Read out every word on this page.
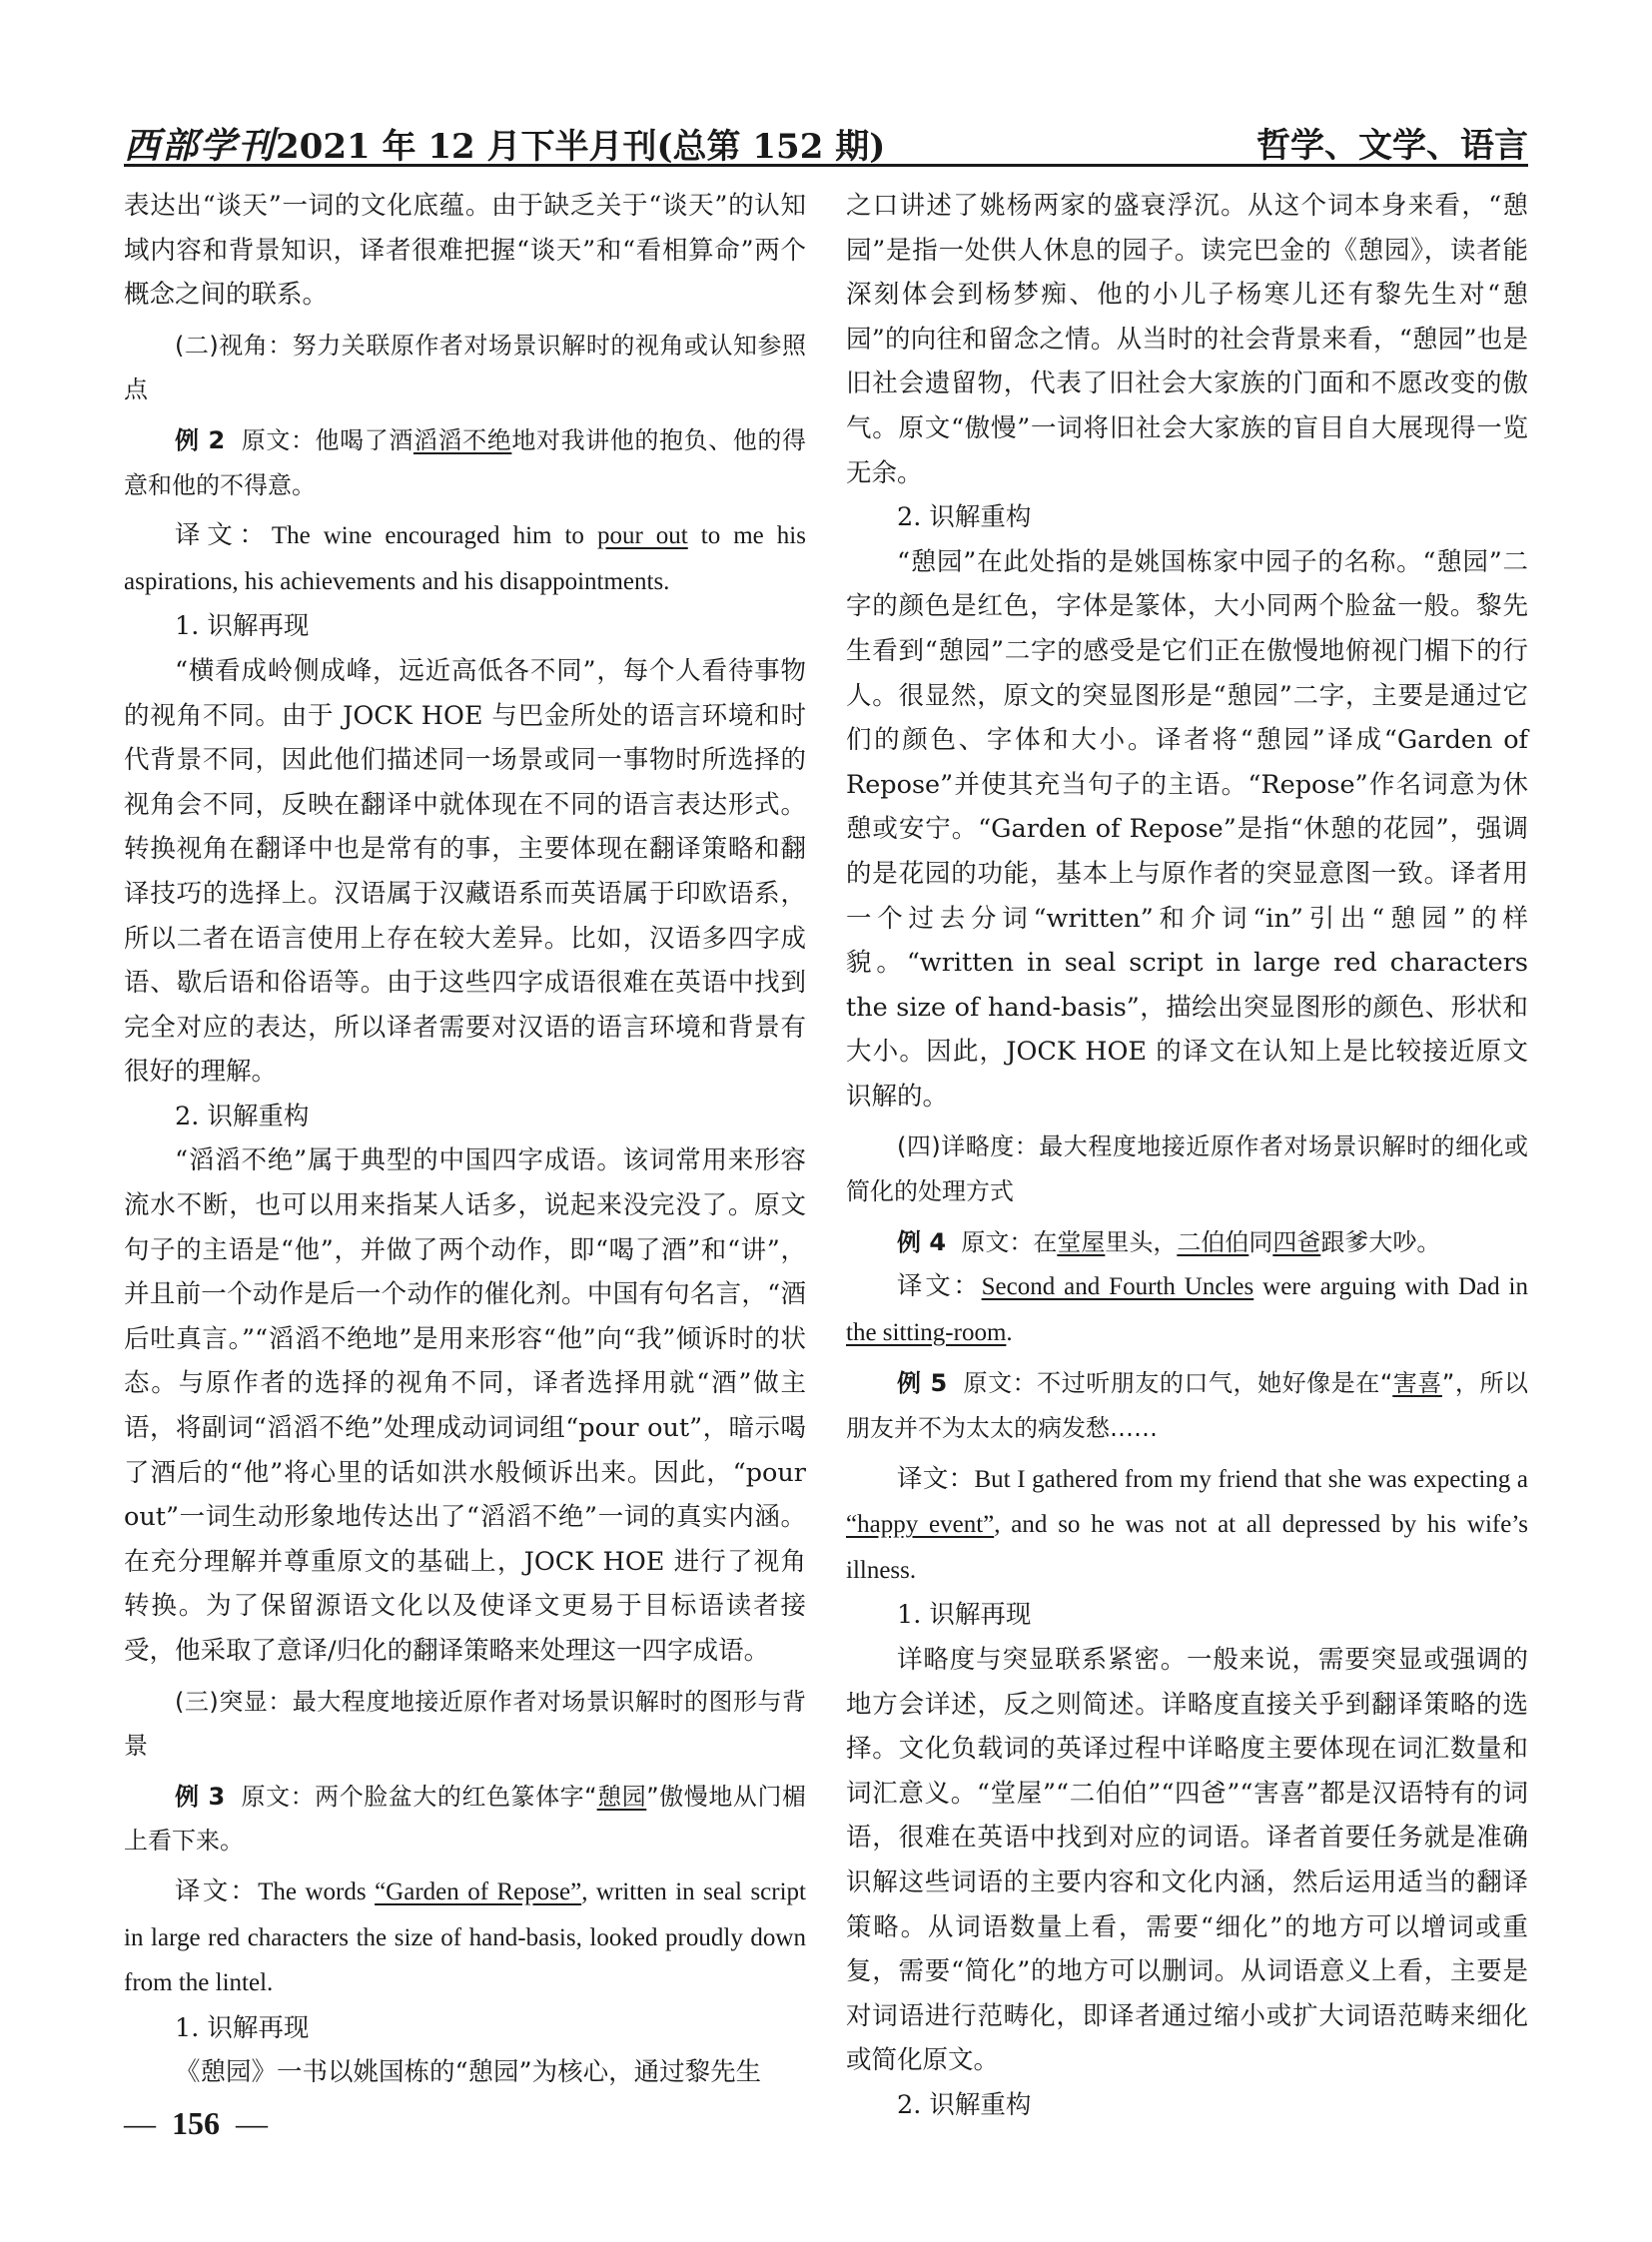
西部学刊2021 年 12 月下半月刊(总第 152 期)	哲学、文学、语言

表达出“谈天”一词的文化底蕴。由于缺乏关于“谈天”的认知域内容和背景知识，译者很难把握“谈天”和“看相算命”两个概念之间的联系。

(二)视角：努力关联原作者对场景识解时的视角或认知参照点

例 2 原文：他喝了酒滔滔不绝地对我讲他的抱负、他的得意和他的不得意。

译文：The wine encouraged him to pour out to me his aspirations, his achievements and his disappointments.

1. 识解再现

“横看成岭侧成峰，远近高低各不同”，每个人看待事物的视角不同。由于 JOCK HOE 与巴金所处的语言环境和时代背景不同，因此他们描述同一场景或同一事物时所选择的视角会不同，反映在翻译中就体现在不同的语言表达形式。转换视角在翻译中也是常有的事，主要体现在翻译策略和翻译技巧的选择上。汉语属于汉藏语系而英语属于印欧语系，所以二者在语言使用上存在较大差异。比如，汉语多四字成语、歇后语和俗语等。由于这些四字成语很难在英语中找到完全对应的表达，所以译者需要对汉语的语言环境和背景有很好的理解。

2. 识解重构

“滔滔不绝”属于典型的中国四字成语。该词常用来形容流水不断，也可以用来指某人话多，说起来没完没了。原文句子的主语是“他”，并做了两个动作，即“喝了酒”和“讲”，并且前一个动作是后一个动作的催化剂。中国有句名言，“酒后吐真言。”“滔滔不绝地”是用来形容“他”向“我”倾诉时的状态。与原作者的选择的视角不同，译者选择用就“酒”做主语，将副词“滔滔不绝”处理成动词词组“pour out”，暗示喝了酒后的“他”将心里的话如洪水般倾诉出来。因此，“pour out”一词生动形象地传达出了“滔滔不绝”一词的真实内涵。在充分理解并尊重原文的基础上，JOCK HOE 进行了视角转换。为了保留源语文化以及使译文更易于目标语读者接受，他采取了意译/归化的翻译策略来处理这一四字成语。

(三)突显：最大程度地接近原作者对场景识解时的图形与背景

例 3 原文：两个脸盆大的红色篆体字“憩园”傲慢地从门楣上看下来。

译文：The words “Garden of Repose”, written in seal script in large red characters the size of hand-basis, looked proudly down from the lintel.

1. 识解再现

《憩园》一书以姚国栋的“憩园”为核心，通过黎先生

之口讲述了姚杨两家的盛衰浮沉。从这个词本身来看，“憩园”是指一处供人休息的园子。读完巴金的《憩园》，读者能深刻体会到杨梦痴、他的小儿子杨寒儿还有黎先生对“憩园”的向往和留念之情。从当时的社会背景来看，“憩园”也是旧社会遗留物，代表了旧社会大家族的门面和不愿改变的傲气。原文“傲慢”一词将旧社会大家族的盲目自大展现得一览无余。

2. 识解重构

“憩园”在此处指的是姚国栋家中园子的名称。“憩园”二字的颜色是红色，字体是篆体，大小同两个脸盆一般。黎先生看到“憩园”二字的感受是它们正在傲慢地俯视门楣下的行人。很显然，原文的突显图形是“憩园”二字，主要是通过它们的颜色、字体和大小。译者将“憩园”译成“Garden of Repose”并使其充当句子的主语。“Repose”作名词意为休憩或安宁。“Garden of Repose”是指“休憩的花园”，强调的是花园的功能，基本上与原作者的突显意图一致。译者用一个过去分词“written”和介词“in”引出“憩园”的样貌。“written in seal script in large red characters the size of hand-basis”，描绘出突显图形的颜色、形状和大小。因此，JOCK HOE 的译文在认知上是比较接近原文识解的。

(四)详略度：最大程度地接近原作者对场景识解时的细化或简化的处理方式

例 4 原文：在堂屋里头，二伯伯同四爸跟爹大吵。

译文：Second and Fourth Uncles were arguing with Dad in the sitting-room.

例 5 原文：不过听朋友的口气，她好像是在“害喜”，所以朋友并不为太太的病发愁……

译文：But I gathered from my friend that she was expecting a “happy event”, and so he was not at all depressed by his wife’s illness.

1. 识解再现

详略度与突显联系紧密。一般来说，需要突显或强调的地方会详述，反之则简述。详略度直接关乎到翻译策略的选择。文化负载词的英译过程中详略度主要体现在词汇数量和词汇意义。“堂屋”“二伯伯”“四爸”“害喜”都是汉语特有的词语，很难在英语中找到对应的词语。译者首要任务就是准确识解这些词语的主要内容和文化内涵，然后运用适当的翻译策略。从词语数量上看，需要“细化”的地方可以增词或重复，需要“简化”的地方可以删词。从词语意义上看，主要是对词语进行范畴化，即译者通过缩小或扩大词语范畴来细化或简化原文。

2. 识解重构

— 156 —
